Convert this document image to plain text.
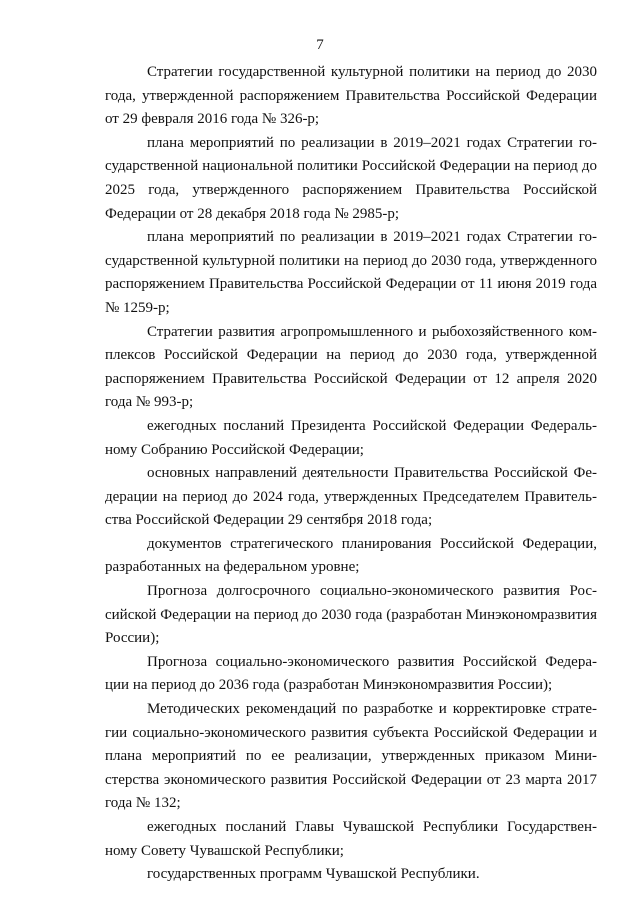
7

Стратегии государственной культурной политики на период до 2030 года, утвержденной распоряжением Правительства Российской Федерации от 29 февраля 2016 года № 326-р;

плана мероприятий по реализации в 2019–2021 годах Стратегии государственной национальной политики Российской Федерации на период до 2025 года, утвержденного распоряжением Правительства Российской Федерации от 28 декабря 2018 года № 2985-р;

плана мероприятий по реализации в 2019–2021 годах Стратегии государственной культурной политики на период до 2030 года, утвержденного распоряжением Правительства Российской Федерации от 11 июня 2019 года № 1259-р;

Стратегии развития агропромышленного и рыбохозяйственного комплексов Российской Федерации на период до 2030 года, утвержденной распоряжением Правительства Российской Федерации от 12 апреля 2020 года № 993-р;

ежегодных посланий Президента Российской Федерации Федеральному Собранию Российской Федерации;

основных направлений деятельности Правительства Российской Федерации на период до 2024 года, утвержденных Председателем Правительства Российской Федерации 29 сентября 2018 года;

документов стратегического планирования Российской Федерации, разработанных на федеральном уровне;

Прогноза долгосрочного социально-экономического развития Российской Федерации на период до 2030 года (разработан Минэкономразвития России);

Прогноза социально-экономического развития Российской Федерации на период до 2036 года (разработан Минэкономразвития России);

Методических рекомендаций по разработке и корректировке стратегии социально-экономического развития субъекта Российской Федерации и плана мероприятий по ее реализации, утвержденных приказом Министерства экономического развития Российской Федерации от 23 марта 2017 года № 132;

ежегодных посланий Главы Чувашской Республики Государственному Совету Чувашской Республики;

государственных программ Чувашской Республики.
